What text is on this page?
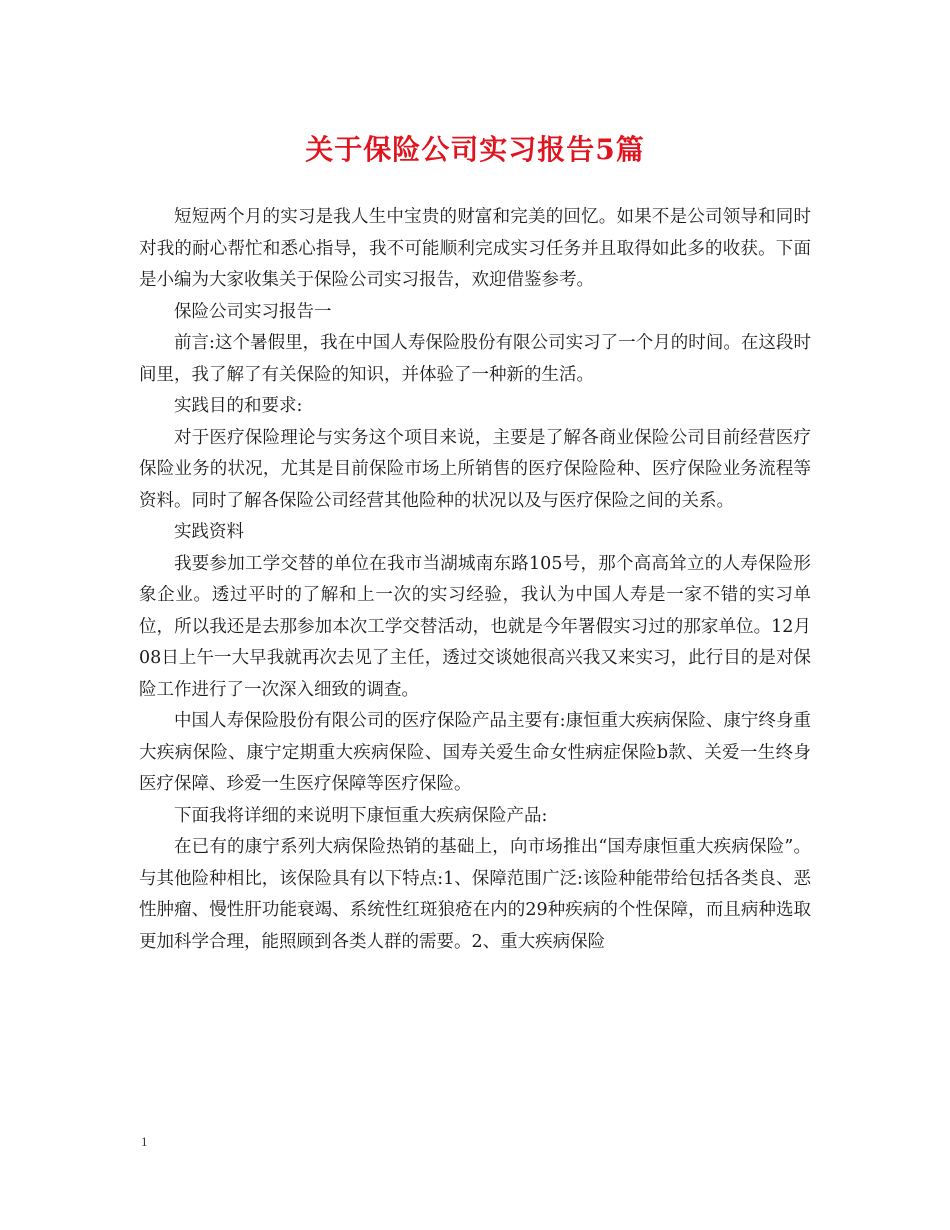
关于保险公司实习报告5篇

短短两个月的实习是我人生中宝贵的财富和完美的回忆。如果不是公司领导和同时对我的耐心帮忙和悉心指导，我不可能顺利完成实习任务并且取得如此多的收获。下面是小编为大家收集关于保险公司实习报告，欢迎借鉴参考。

保险公司实习报告一

前言:这个暑假里，我在中国人寿保险股份有限公司实习了一个月的时间。在这段时间里，我了解了有关保险的知识，并体验了一种新的生活。

实践目的和要求:

对于医疗保险理论与实务这个项目来说，主要是了解各商业保险公司目前经营医疗保险业务的状况，尤其是目前保险市场上所销售的医疗保险险种、医疗保险业务流程等资料。同时了解各保险公司经营其他险种的状况以及与医疗保险之间的关系。

实践资料

我要参加工学交替的单位在我市当湖城南东路105号，那个高高耸立的人寿保险形象企业。透过平时的了解和上一次的实习经验，我认为中国人寿是一家不错的实习单位，所以我还是去那参加本次工学交替活动，也就是今年署假实习过的那家单位。12月08日上午一大早我就再次去见了主任，透过交谈她很高兴我又来实习，此行目的是对保险工作进行了一次深入细致的调查。

中国人寿保险股份有限公司的医疗保险产品主要有:康恒重大疾病保险、康宁终身重大疾病保险、康宁定期重大疾病保险、国寿关爱生命女性病症保险b款、关爱一生终身医疗保障、珍爱一生医疗保障等医疗保险。

下面我将详细的来说明下康恒重大疾病保险产品:

在已有的康宁系列大病保险热销的基础上，向市场推出“国寿康恒重大疾病保险”。与其他险种相比，该保险具有以下特点:1、保障范围广泛:该险种能带给包括各类良、恶性肿瘤、慢性肝功能衰竭、系统性红斑狼疮在内的29种疾病的个性保障，而且病种选取更加科学合理，能照顾到各类人群的需要。2、重大疾病保险

1
